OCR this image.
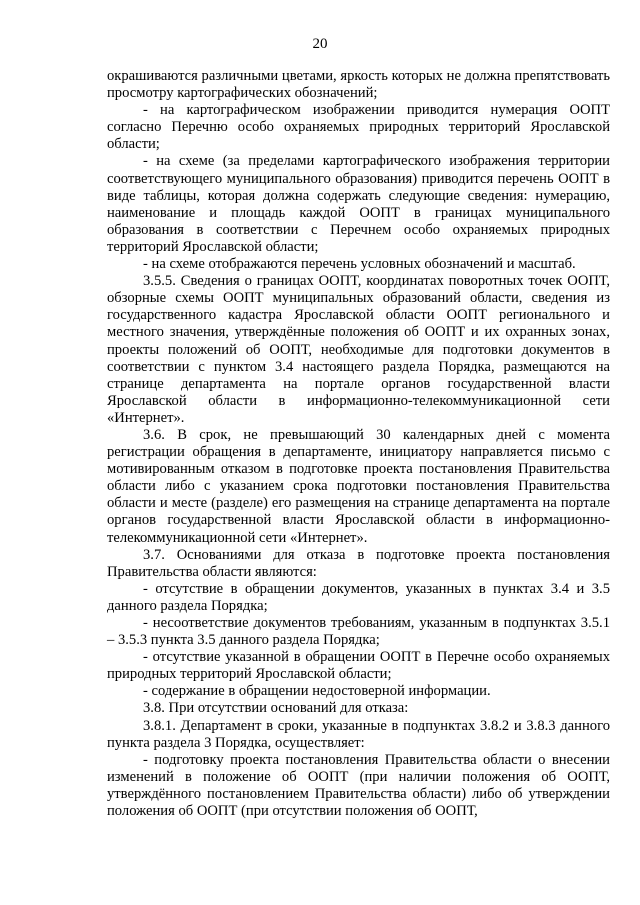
20

окрашиваются различными цветами, яркость которых не должна препятствовать просмотру картографических обозначений;

- на картографическом изображении приводится нумерация ООПТ согласно Перечню особо охраняемых природных территорий Ярославской области;

- на схеме (за пределами картографического изображения территории соответствующего муниципального образования) приводится перечень ООПТ в виде таблицы, которая должна содержать следующие сведения: нумерацию, наименование и площадь каждой ООПТ в границах муниципального образования в соответствии с Перечнем особо охраняемых природных территорий Ярославской области;

- на схеме отображаются перечень условных обозначений и масштаб.

3.5.5. Сведения о границах ООПТ, координатах поворотных точек ООПТ, обзорные схемы ООПТ муниципальных образований области, сведения из государственного кадастра Ярославской области ООПТ регионального и местного значения, утверждённые положения об ООПТ и их охранных зонах, проекты положений об ООПТ, необходимые для подготовки документов в соответствии с пунктом 3.4 настоящего раздела Порядка, размещаются на странице департамента на портале органов государственной власти Ярославской области в информационно-телекоммуникационной сети «Интернет».

3.6. В срок, не превышающий 30 календарных дней с момента регистрации обращения в департаменте, инициатору направляется письмо с мотивированным отказом в подготовке проекта постановления Правительства области либо с указанием срока подготовки постановления Правительства области и месте (разделе) его размещения на странице департамента на портале органов государственной власти Ярославской области в информационно-телекоммуникационной сети «Интернет».

3.7. Основаниями для отказа в подготовке проекта постановления Правительства области являются:

- отсутствие в обращении документов, указанных в пунктах 3.4 и 3.5 данного раздела Порядка;

- несоответствие документов требованиям, указанным в подпунктах 3.5.1 – 3.5.3 пункта 3.5 данного раздела Порядка;

- отсутствие указанной в обращении ООПТ в Перечне особо охраняемых природных территорий Ярославской области;

- содержание в обращении недостоверной информации.

3.8. При отсутствии оснований для отказа:

3.8.1. Департамент в сроки, указанные в подпунктах 3.8.2 и 3.8.3 данного пункта раздела 3 Порядка, осуществляет:

- подготовку проекта постановления Правительства области о внесении изменений в положение об ООПТ (при наличии положения об ООПТ, утверждённого постановлением Правительства области) либо об утверждении положения об ООПТ (при отсутствии положения об ООПТ,
